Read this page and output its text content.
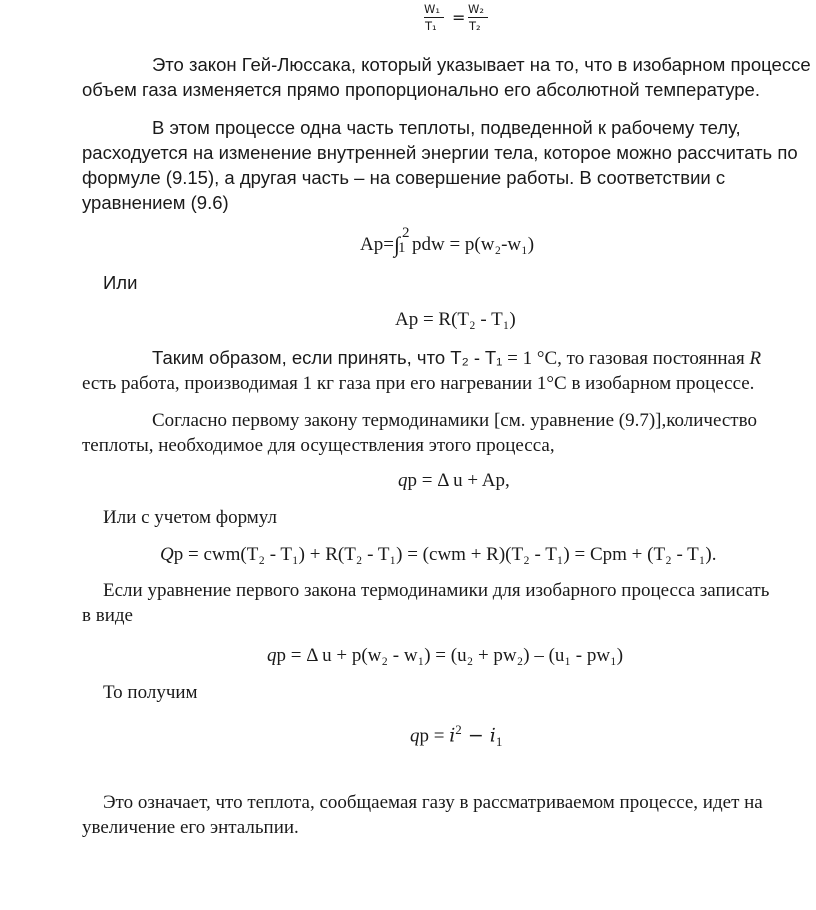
W₁
T₁ = W₂
T₂
Это закон Гей-Люссака, который указывает на то, что в изобарном процессе
объем газа изменяется прямо пропорционально его абсолютной температуре.
В этом процессе одна часть теплоты, подведенной к рабочему телу,
расходуется на изменение внутренней энергии тела, которое можно рассчитать по
формуле (9.15), а другая часть – на совершение работы. В соответствии с
уравнением (9.6)
Ap=∫ 2
1 pdw = p(w₂-w₁)
Или
Ap = R(T₂ - T₁)
Таким образом, если принять, что T₂ - T₁ = 1 °C, то газовая постоянная R
есть работа, производимая 1 кг газа при его нагревании 1°C в изобарном процессе.
Согласно первому закону термодинамики [см. уравнение (9.7)],количество
теплоты, необходимое для осуществления этого процесса,
qp = Δ u + Ap,
Или с учетом формул
Qp = cwm(T₂ - T₁) + R(T₂ - T₁) = (cwm + R)(T₂ - T₁) = Cpm + (T₂ - T₁).
Если уравнение первого закона термодинамики для изобарного процесса записать
в виде
qp = Δ u + p(w₂ - w₁) = (u₂ + pw₂) – (u₁ - pw₁)
То получим
qp = $i^2 - i_1$
Это означает, что теплота, сообщаемая газу в рассматриваемом процессе, идет на
увеличение его энтальпии.
